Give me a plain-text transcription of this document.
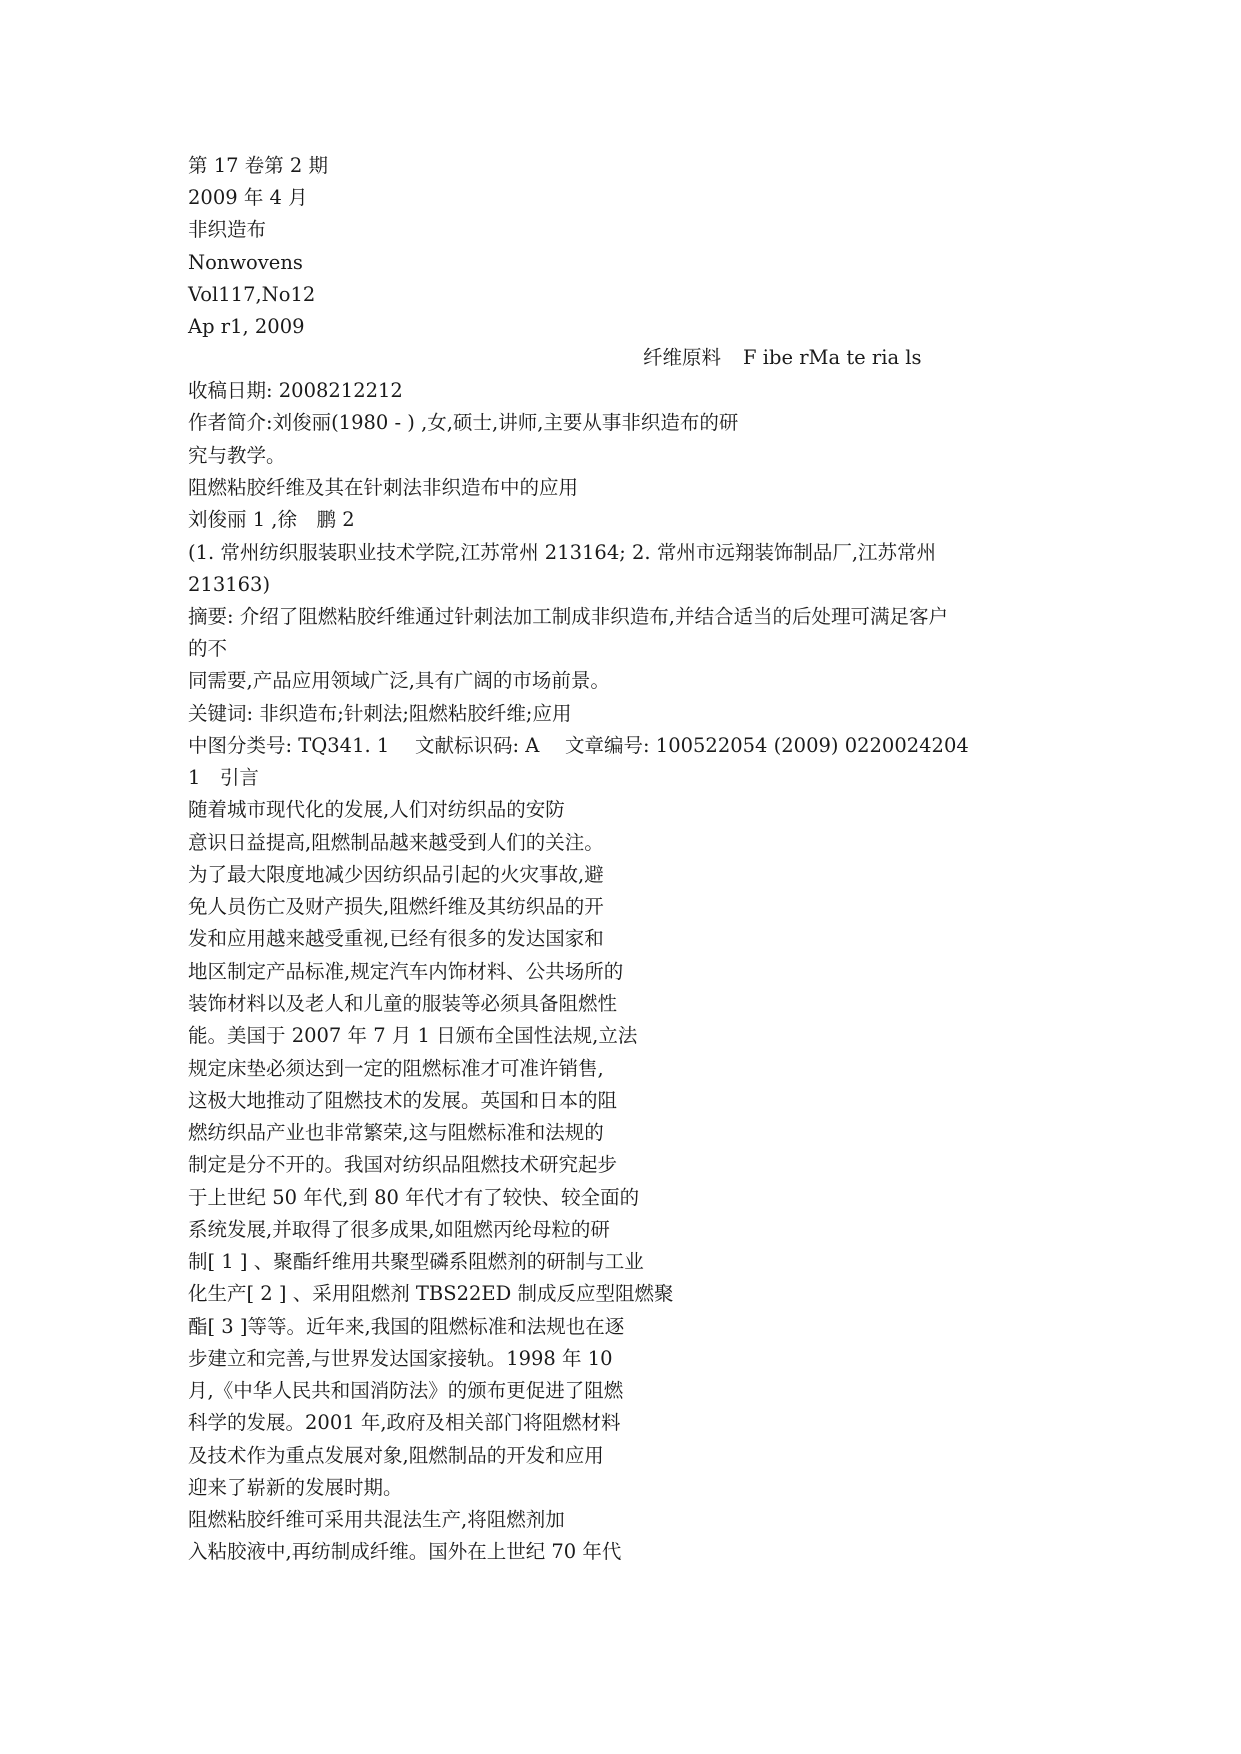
第 17 卷第 2 期
2009 年 4 月
非织造布
Nonwovens
Vol117,No12
Ap r1, 2009
纤维原料 F ibe rMa te ria ls
收稿日期: 2008212212
作者简介:刘俊丽(1980 - ) ,女,硕士,讲师,主要从事非织造布的研
究与教学。
阻燃粘胶纤维及其在针刺法非织造布中的应用
刘俊丽 1 ,徐　鹏 2
(1. 常州纺织服装职业技术学院,江苏常州 213164; 2. 常州市远翔装饰制品厂,江苏常州
213163)
摘要: 介绍了阻燃粘胶纤维通过针刺法加工制成非织造布,并结合适当的后处理可满足客户
的不
同需要,产品应用领域广泛,具有广阔的市场前景。
关键词: 非织造布;针刺法;阻燃粘胶纤维;应用
中图分类号: TQ341. 1　 文献标识码: A　 文章编号: 100522054 (2009) 0220024204
1　引言
随着城市现代化的发展,人们对纺织品的安防
意识日益提高,阻燃制品越来越受到人们的关注。
为了最大限度地减少因纺织品引起的火灾事故,避
免人员伤亡及财产损失,阻燃纤维及其纺织品的开
发和应用越来越受重视,已经有很多的发达国家和
地区制定产品标准,规定汽车内饰材料、公共场所的
装饰材料以及老人和儿童的服装等必须具备阻燃性
能。美国于 2007 年 7 月 1 日颁布全国性法规,立法
规定床垫必须达到一定的阻燃标准才可准许销售,
这极大地推动了阻燃技术的发展。英国和日本的阻
燃纺织品产业也非常繁荣,这与阻燃标准和法规的
制定是分不开的。我国对纺织品阻燃技术研究起步
于上世纪 50 年代,到 80 年代才有了较快、较全面的
系统发展,并取得了很多成果,如阻燃丙纶母粒的研
制[ 1 ] 、聚酯纤维用共聚型磷系阻燃剂的研制与工业
化生产[ 2 ] 、采用阻燃剂 TBS22ED 制成反应型阻燃聚
酯[ 3 ]等等。近年来,我国的阻燃标准和法规也在逐
步建立和完善,与世界发达国家接轨。1998 年 10
月,《中华人民共和国消防法》的颁布更促进了阻燃
科学的发展。2001 年,政府及相关部门将阻燃材料
及技术作为重点发展对象,阻燃制品的开发和应用
迎来了崭新的发展时期。
阻燃粘胶纤维可采用共混法生产,将阻燃剂加
入粘胶液中,再纺制成纤维。国外在上世纪 70 年代
